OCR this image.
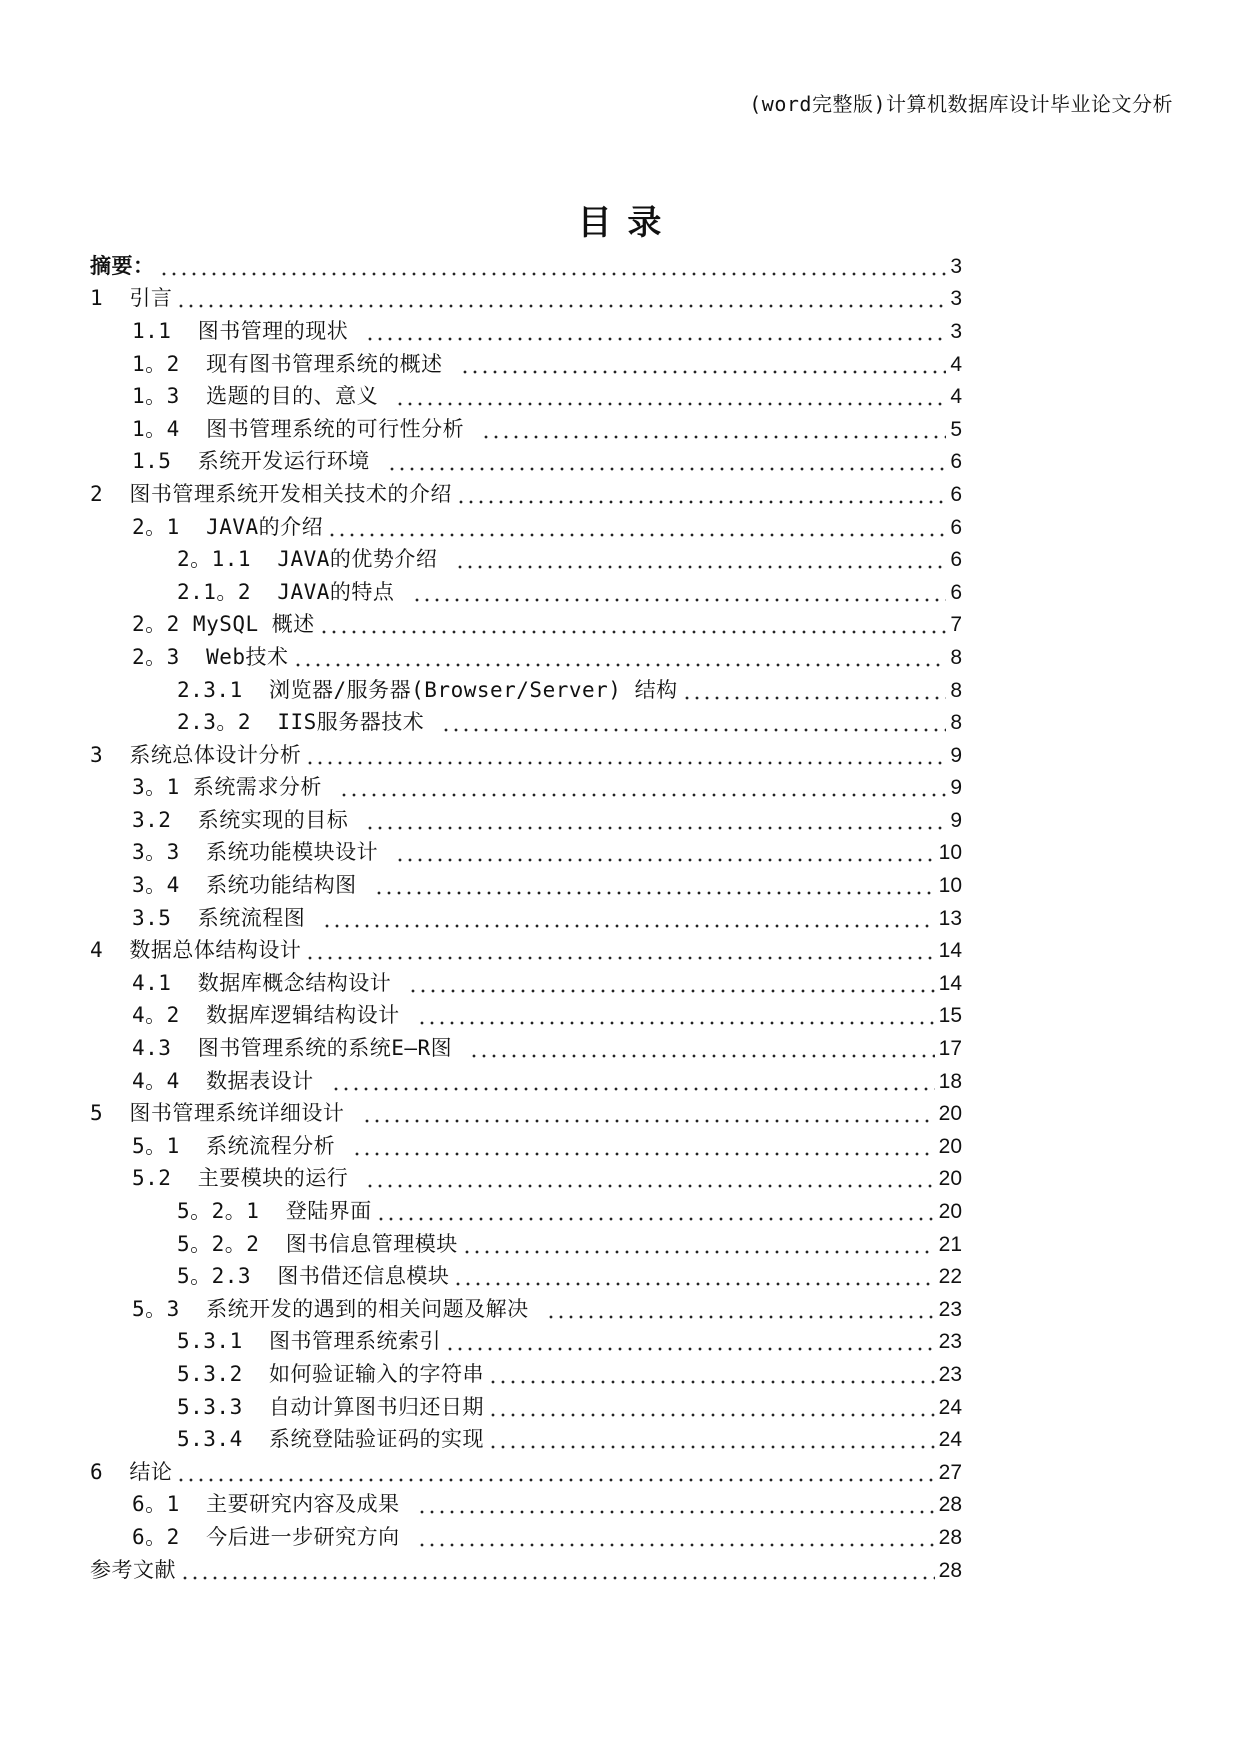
(word完整版)计算机数据库设计毕业论文分析
目 录
摘要：	3
1  引言	3
1.1  图书管理的现状	3
1。2  现有图书管理系统的概述	4
1。3  选题的目的、意义	4
1。4  图书管理系统的可行性分析	5
1.5  系统开发运行环境	6
2  图书管理系统开发相关技术的介绍	6
2。1  JAVA的介绍	6
2。1.1  JAVA的优势介绍	6
2.1。2  JAVA的特点	6
2。2 MySQL 概述	7
2。3  Web技术	8
2.3.1  浏览器/服务器(Browser/Server) 结构	8
2.3。2  IIS服务器技术	8
3  系统总体设计分析	9
3。1 系统需求分析	9
3.2  系统实现的目标	9
3。3  系统功能模块设计	10
3。4  系统功能结构图	10
3.5  系统流程图	13
4  数据总体结构设计	14
4.1  数据库概念结构设计	14
4。2  数据库逻辑结构设计	15
4.3  图书管理系统的系统E—R图	17
4。4  数据表设计	18
5  图书管理系统详细设计	20
5。1  系统流程分析	20
5.2  主要模块的运行	20
5。2。1  登陆界面	20
5。2。2  图书信息管理模块	21
5。2.3  图书借还信息模块	22
5。3  系统开发的遇到的相关问题及解决	23
5.3.1  图书管理系统索引	23
5.3.2  如何验证输入的字符串	23
5.3.3  自动计算图书归还日期	24
5.3.4  系统登陆验证码的实现	24
6  结论	27
6。1  主要研究内容及成果	28
6。2  今后进一步研究方向	28
参考文献	28
